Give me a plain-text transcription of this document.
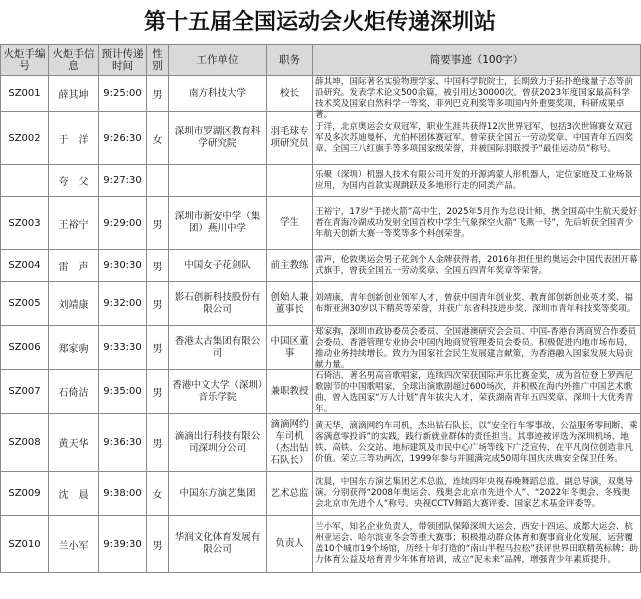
第十五届全国运动会火炬传递深圳站
火炬手编号	火炬手信息	预计传递时间	性别	工作单位	职务	简要事迹（100字）

SZ001	薛其坤	9:25:00	男	南方科技大学	校长	薛其坤，国际著名实验物理学家、中国科学院院士，长期致力于拓扑绝缘量子态等前沿研究。发表学术论文500余篇，被引用达30000次。曾获2023年度国家最高科学技术奖及国家自然科学一等奖、菲列巴克利奖等多项国内外重要奖项，科研成果卓著。

SZ002	于　洋	9:26:30	女	深圳市罗湖区教育科学研究院	羽毛球专项研究员	于洋，北京奥运会女双冠军，职业生涯共获得12次世界冠军，包括3次世锦赛女双冠军及多次苏迪曼杯、尤伯杯团体赛冠军。曾荣获全国五一劳动奖章、中国青年五四奖章、全国三八红旗手等多项国家级荣誉，并被国际羽联授予“最佳运动员”称号。

	夸　父	9:27:30				乐聚（深圳）机器人技术有限公司开发的开源鸿蒙人形机器人，定位家庭及工业场景应用，为国内首款实现跳跃及多地形行走的同类产品。

SZ003	王裕宁	9:29:00	男	深圳市新安中学（集团）燕川中学	学生	王裕宁，17岁“手搓火箭”高中生，2025年5月作为总设计师，携全国高中生航天爱好者在青海冷湖成功发射全国首枚中学生气象探空火箭“飞燕一号”，先后斩获全国青少年航天创新大赛一等奖等多个科创荣誉。

SZ004	雷　声	9:30:30	男	中国女子花剑队	前主教练	雷声，伦敦奥运会男子花剑个人金牌获得者，2016年担任里约奥运会中国代表团开幕式旗手，曾获全国五一劳动奖章、全国五四青年奖章等荣誉。

SZ005	刘靖康	9:32:00	男	影石创新科技股份有限公司	创始人兼董事长	刘靖康，青年创新创业领军人才，曾获中国青年创业奖、教育部创新创业英才奖、福布斯亚洲30岁以下精英等荣誉，并获广东省科技进步奖、深圳市青年科技奖等奖项。

SZ006	郑家驹	9:33:30	男	香港太古集团有限公司	中国区董事	郑家驹，深圳市政协委员会委员、全国港澳研究会会员、中国-香港台湾商贸合作委员会委员、香港管理专业协会中国内地商贸管理委员会委员。积极促进内地市场布局，推动业务持续增长。致力为国家社会民生发展建言献策，为香港融入国家发展大局贡献力量。

SZ007	石倚洁	9:35:00	男	香港中文大学（深圳）音乐学院	兼职教授	石倚洁，著名男高音歌唱家，连续四次荣获国际声乐比赛金奖，成为首位登上罗西尼歌剧节的中国歌唱家，全球出演歌剧超过600场次，并积极在海内外推广中国艺术歌曲，曾入选国家“万人计划”青年拔尖人才，荣获湖南青年五四奖章、深圳十大优秀青年。

SZ008	黄天华	9:36:30	男	滴滴出行科技有限公司深圳分公司	滴滴网约车司机（杰出钻石队长）	黄天华，滴滴网约车司机，杰出钻石队长，以“安全行车零事故、公益服务零间断、乘客满意零投诉”的实践，践行新就业群体的责任担当。其事迹被评选为深圳机场、地铁、高铁、公交站、地标建筑及市民中心广场等线下广泛宣传，在平凡岗位创造非凡价值。荣立三等功两次，1999年参与并圆满完成50周年国庆庆典安全保卫任务。

SZ009	沈　晨	9:38:00	女	中国东方演艺集团	艺术总监	沈晨，中国东方演艺集团艺术总监，连续四年央视春晚舞蹈总监，副总导演，双奥导演，分别获得“2008年奥运会、残奥会北京市先进个人”、“2022年冬奥会、冬残奥会北京市先进个人”称号。央视CCTV舞蹈大赛评委、国家艺术基金评委等。

SZ010	兰小军	9:39:30	男	华润文化体育发展有限公司	负责人	兰小军，知名企业负责人，带领团队保障深圳大运会、西安十四运、成都大运会、杭州亚运会、哈尔滨亚冬会等重大赛事；积极推动群众体育和赛事商业化发展，运营覆盖10个城市19个场馆，历经十年打造的“南山半程马拉松”获评世界田联精英标牌；助力体育公益及培育青少年体育培训，成立“泥未来”品牌，增强青少年素质提升。
